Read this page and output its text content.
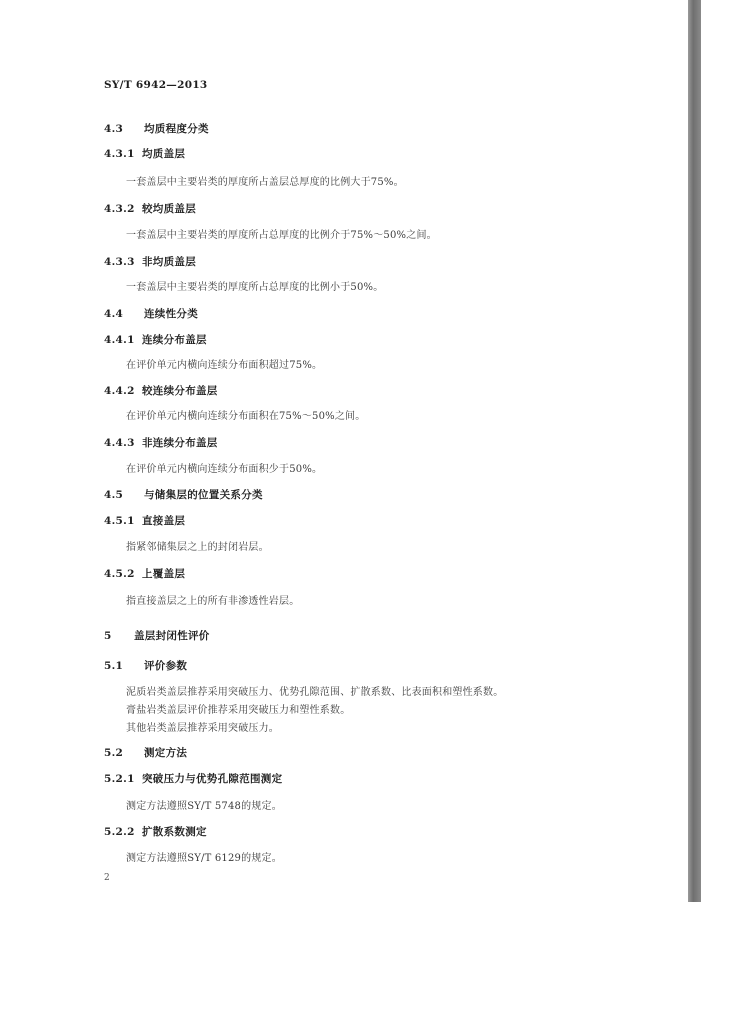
SY/T 6942—2013
4.3 均质程度分类
4.3.1 均质盖层
一套盖层中主要岩类的厚度所占盖层总厚度的比例大于75%。
4.3.2 较均质盖层
一套盖层中主要岩类的厚度所占总厚度的比例介于75%～50%之间。
4.3.3 非均质盖层
一套盖层中主要岩类的厚度所占总厚度的比例小于50%。
4.4 连续性分类
4.4.1 连续分布盖层
在评价单元内横向连续分布面积超过75%。
4.4.2 较连续分布盖层
在评价单元内横向连续分布面积在75%～50%之间。
4.4.3 非连续分布盖层
在评价单元内横向连续分布面积少于50%。
4.5 与储集层的位置关系分类
4.5.1 直接盖层
指紧邻储集层之上的封闭岩层。
4.5.2 上覆盖层
指直接盖层之上的所有非渗透性岩层。
5 盖层封闭性评价
5.1 评价参数
泥质岩类盖层推荐采用突破压力、优势孔隙范围、扩散系数、比表面积和塑性系数。
膏盐岩类盖层评价推荐采用突破压力和塑性系数。
其他岩类盖层推荐采用突破压力。
5.2 测定方法
5.2.1 突破压力与优势孔隙范围测定
测定方法遵照SY/T 5748的规定。
5.2.2 扩散系数测定
测定方法遵照SY/T 6129的规定。
2
